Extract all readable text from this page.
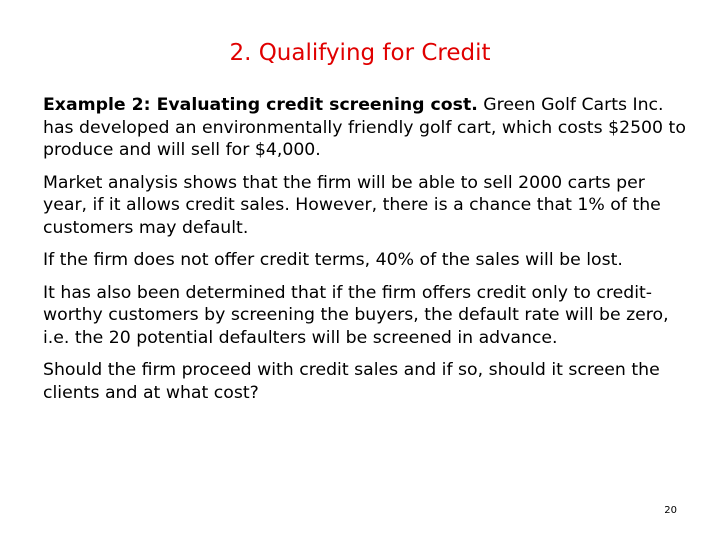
2. Qualifying for Credit

Example 2: Evaluating credit screening cost. Green Golf Carts Inc. has developed an environmentally friendly golf cart, which costs $2500 to produce and will sell for $4,000.

Market analysis shows that the firm will be able to sell 2000 carts per year, if it allows credit sales. However, there is a chance that 1% of the customers may default.

If the firm does not offer credit terms, 40% of the sales will be lost.

It has also been determined that if the firm offers credit only to credit-worthy customers by screening the buyers, the default rate will be zero, i.e. the 20 potential defaulters will be screened in advance.

Should the firm proceed with credit sales and if so, should it screen the clients and at what cost?

20
